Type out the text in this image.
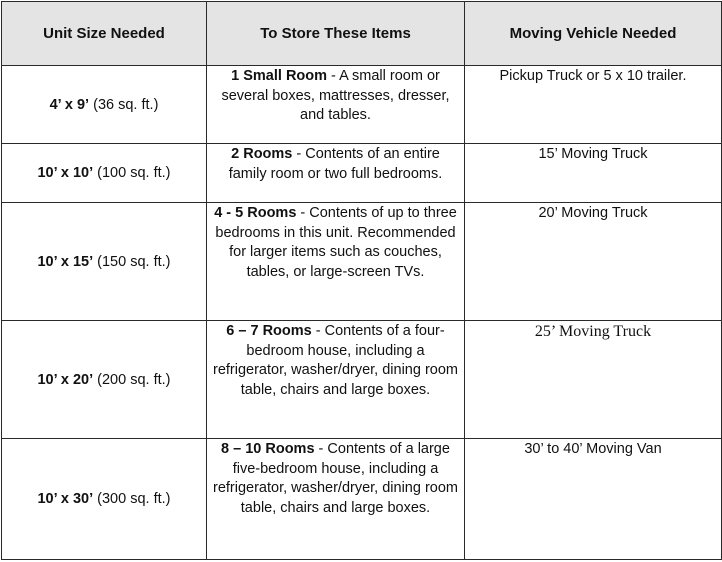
Unit Size Needed	To Store These Items	Moving Vehicle Needed
4’ x 9’ (36 sq. ft.)	1 Small Room - A small room or several boxes, mattresses, dresser, and tables.	Pickup Truck or 5 x 10 trailer.
10’ x 10’ (100 sq. ft.)	2 Rooms - Contents of an entire family room or two full bedrooms.	15’ Moving Truck
10’ x 15’ (150 sq. ft.)	4 - 5 Rooms - Contents of up to three bedrooms in this unit. Recommended for larger items such as couches, tables, or large-screen TVs.	20’ Moving Truck
10’ x 20’ (200 sq. ft.)	6 – 7 Rooms - Contents of a four-bedroom house, including a refrigerator, washer/dryer, dining room table, chairs and large boxes.	25’ Moving Truck
10’ x 30’ (300 sq. ft.)	8 – 10 Rooms - Contents of a large five-bedroom house, including a refrigerator, washer/dryer, dining room table, chairs and large boxes.	30’ to 40’ Moving Van
